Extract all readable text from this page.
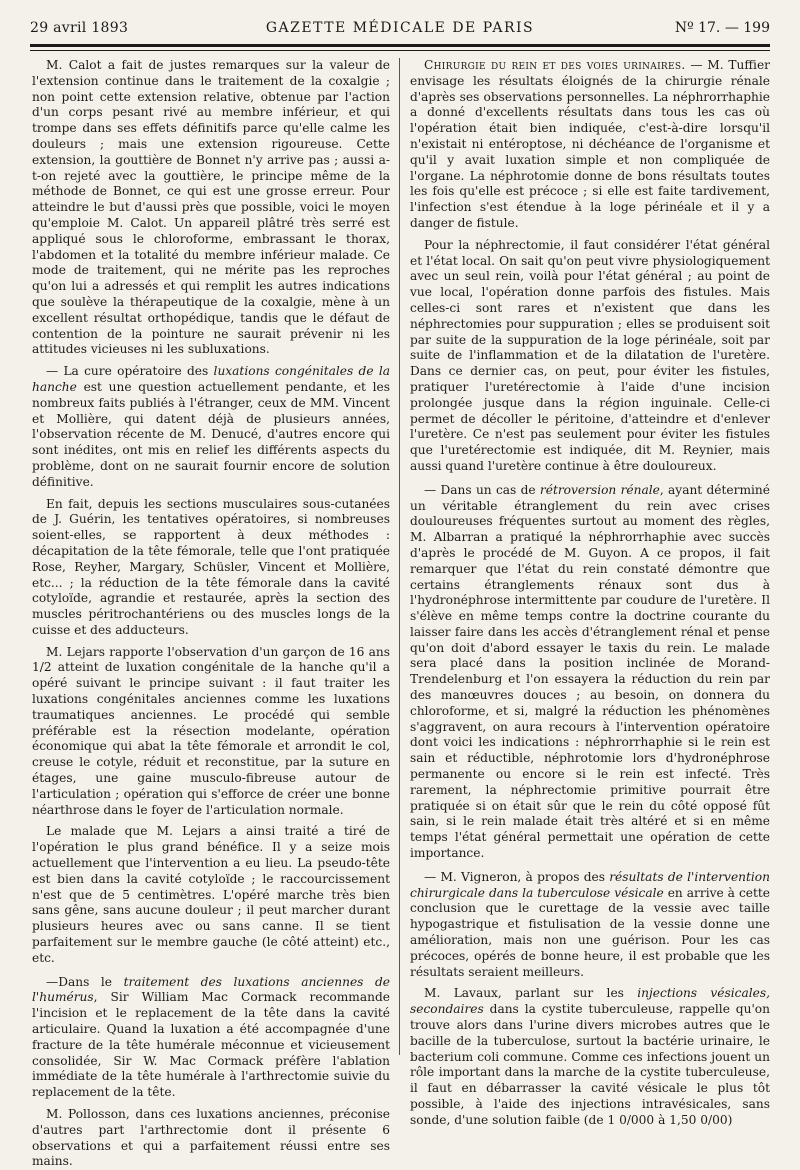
29 avril 1893	GAZETTE MÉDICALE DE PARIS	Nº 17. — 199

M. Calot a fait de justes remarques sur la valeur de l'extension continue dans le traitement de la coxalgie ; non point cette extension relative, obtenue par l'action d'un corps pesant rivé au membre inférieur, et qui trompe dans ses effets définitifs parce qu'elle calme les douleurs ; mais une extension rigoureuse. Cette extension, la gouttière de Bonnet n'y arrive pas ; aussi a-t-on rejeté avec la gouttière, le principe même de la méthode de Bonnet, ce qui est une grosse erreur. Pour atteindre le but d'aussi près que possible, voici le moyen qu'emploie M. Calot. Un appareil plâtré très serré est appliqué sous le chloroforme, embrassant le thorax, l'abdomen et la totalité du membre inférieur malade. Ce mode de traitement, qui ne mérite pas les reproches qu'on lui a adressés et qui remplit les autres indications que soulève la thérapeutique de la coxalgie, mène à un excellent résultat orthopédique, tandis que le défaut de contention de la pointure ne saurait prévenir ni les attitudes vicieuses ni les subluxations.

— La cure opératoire des luxations congénitales de la hanche est une question actuellement pendante, et les nombreux faits publiés à l'étranger, ceux de MM. Vincent et Mollière, qui datent déjà de plusieurs années, l'observation récente de M. Denucé, d'autres encore qui sont inédites, ont mis en relief les différents aspects du problème, dont on ne saurait fournir encore de solution définitive.

En fait, depuis les sections musculaires sous-cutanées de J. Guérin, les tentatives opératoires, si nombreuses soient-elles, se rapportent à deux méthodes : décapitation de la tête fémorale, telle que l'ont pratiquée Rose, Reyher, Margary, Schüsler, Vincent et Mollière, etc... ; la réduction de la tête fémorale dans la cavité cotyloïde, agrandie et restaurée, après la section des muscles péritrochantériens ou des muscles longs de la cuisse et des adducteurs.

M. Lejars rapporte l'observation d'un garçon de 16 ans 1/2 atteint de luxation congénitale de la hanche qu'il a opéré suivant le principe suivant : il faut traiter les luxations congénitales anciennes comme les luxations traumatiques anciennes. Le procédé qui semble préférable est la résection modelante, opération économique qui abat la tête fémorale et arrondit le col, creuse le cotyle, réduit et reconstitue, par la suture en étages, une gaine musculo-fibreuse autour de l'articulation ; opération qui s'efforce de créer une bonne néarthrose dans le foyer de l'articulation normale.

Le malade que M. Lejars a ainsi traité a tiré de l'opération le plus grand bénéfice. Il y a seize mois actuellement que l'intervention a eu lieu. La pseudo-tête est bien dans la cavité cotyloïde ; le raccourcissement n'est que de 5 centimètres. L'opéré marche très bien sans gêne, sans aucune douleur ; il peut marcher durant plusieurs heures avec ou sans canne. Il se tient parfaitement sur le membre gauche (le côté atteint) etc., etc.

—Dans le traitement des luxations anciennes de l'humérus, Sir William Mac Cormack recommande l'incision et le replacement de la tête dans la cavité articulaire. Quand la luxation a été accompagnée d'une fracture de la tête humérale méconnue et vicieusement consolidée, Sir W. Mac Cormack préfère l'ablation immédiate de la tête humérale à l'arthrectomie suivie du replacement de la tête.

M. Pollosson, dans ces luxations anciennes, préconise d'autres part l'arthrectomie dont il présente 6 observations et qui a parfaitement réussi entre ses mains.

Chirurgie du rein et des voies urinaires. — M. Tuffier envisage les résultats éloignés de la chirurgie rénale d'après ses observations personnelles. La néphrorrhaphie a donné d'excellents résultats dans tous les cas où l'opération était bien indiquée, c'est-à-dire lorsqu'il n'existait ni entéroptose, ni déchéance de l'organisme et qu'il y avait luxation simple et non compliquée de l'organe. La néphrotomie donne de bons résultats toutes les fois qu'elle est précoce ; si elle est faite tardivement, l'infection s'est étendue à la loge périnéale et il y a danger de fistule.

Pour la néphrectomie, il faut considérer l'état général et l'état local. On sait qu'on peut vivre physiologiquement avec un seul rein, voilà pour l'état général ; au point de vue local, l'opération donne parfois des fistules. Mais celles-ci sont rares et n'existent que dans les néphrectomies pour suppuration ; elles se produisent soit par suite de la suppuration de la loge périnéale, soit par suite de l'inflammation et de la dilatation de l'uretère. Dans ce dernier cas, on peut, pour éviter les fistules, pratiquer l'uretérectomie à l'aide d'une incision prolongée jusque dans la région inguinale. Celle-ci permet de décoller le péritoine, d'atteindre et d'enlever l'uretère. Ce n'est pas seulement pour éviter les fistules que l'uretérectomie est indiquée, dit M. Reynier, mais aussi quand l'uretère continue à être douloureux.

— Dans un cas de rétroversion rénale, ayant déterminé un véritable étranglement du rein avec crises douloureuses fréquentes surtout au moment des règles, M. Albarran a pratiqué la néphrorrhaphie avec succès d'après le procédé de M. Guyon. A ce propos, il fait remarquer que l'état du rein constaté démontre que certains étranglements rénaux sont dus à l'hydronéphrose intermittente par coudure de l'uretère. Il s'élève en même temps contre la doctrine courante du laisser faire dans les accès d'étranglement rénal et pense qu'on doit d'abord essayer le taxis du rein. Le malade sera placé dans la position inclinée de Morand-Trendelenburg et l'on essayera la réduction du rein par des manœuvres douces ; au besoin, on donnera du chloroforme, et si, malgré la réduction les phénomènes s'aggravent, on aura recours à l'intervention opératoire dont voici les indications : néphrorrhaphie si le rein est sain et réductible, néphrotomie lors d'hydronéphrose permanente ou encore si le rein est infecté. Très rarement, la néphrectomie primitive pourrait être pratiquée si on était sûr que le rein du côté opposé fût sain, si le rein malade était très altéré et si en même temps l'état général permettait une opération de cette importance.

— M. Vigneron, à propos des résultats de l'intervention chirurgicale dans la tuberculose vésicale en arrive à cette conclusion que le curettage de la vessie avec taille hypogastrique et fistulisation de la vessie donne une amélioration, mais non une guérison. Pour les cas précoces, opérés de bonne heure, il est probable que les résultats seraient meilleurs.

M. Lavaux, parlant sur les injections vésicales, secondaires dans la cystite tuberculeuse, rappelle qu'on trouve alors dans l'urine divers microbes autres que le bacille de la tuberculose, surtout la bactérie urinaire, le bacterium coli commune. Comme ces infections jouent un rôle important dans la marche de la cystite tuberculeuse, il faut en débarrasser la cavité vésicale le plus tôt possible, à l'aide des injections intravésicales, sans sonde, d'une solution faible (de 1 0/000 à 1,50 0/00)
